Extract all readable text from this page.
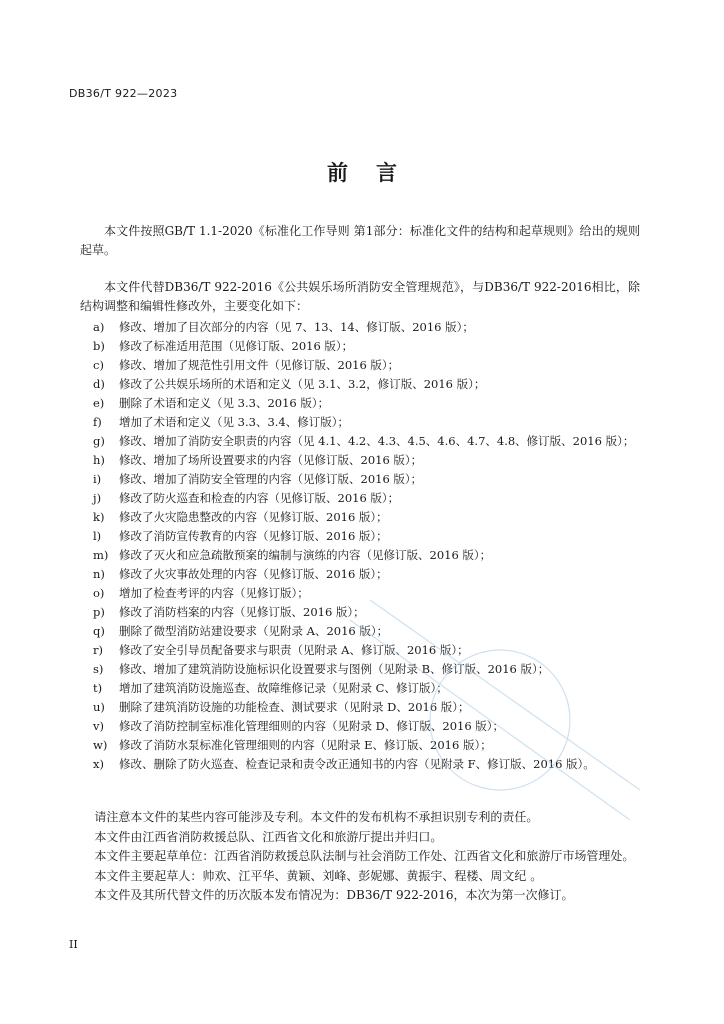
DB36/T 922—2023
前言
本文件按照GB/T 1.1-2020《标准化工作导则 第1部分：标准化文件的结构和起草规则》给出的规则起草。
本文件代替DB36/T 922-2016《公共娱乐场所消防安全管理规范》，与DB36/T 922-2016相比，除结构调整和编辑性修改外，主要变化如下：
a)	修改、增加了目次部分的内容（见 7、13、14、修订版、2016 版）；
b)	修改了标准适用范围（见修订版、2016 版）；
c)	修改、增加了规范性引用文件（见修订版、2016 版）；
d)	修改了公共娱乐场所的术语和定义（见 3.1、3.2，修订版、2016 版）；
e)	删除了术语和定义（见 3.3、2016 版）；
f)	增加了术语和定义（见 3.3、3.4、修订版）；
g)	修改、增加了消防安全职责的内容（见 4.1、4.2、4.3、4.5、4.6、4.7、4.8、修订版、2016 版）；
h)	修改、增加了场所设置要求的内容（见修订版、2016 版）；
i)	修改、增加了消防安全管理的内容（见修订版、2016 版）；
j)	修改了防火巡查和检查的内容（见修订版、2016 版）；
k)	修改了火灾隐患整改的内容（见修订版、2016 版）；
l)	修改了消防宣传教育的内容（见修订版、2016 版）；
m) 修改了灭火和应急疏散预案的编制与演练的内容（见修订版、2016 版）；
n)	修改了火灾事故处理的内容（见修订版、2016 版）；
o)	增加了检查考评的内容（见修订版）；
p)	修改了消防档案的内容（见修订版、2016 版）；
q)	删除了微型消防站建设要求（见附录 A、2016 版）；
r)	修改了安全引导员配备要求与职责（见附录 A、修订版、2016 版）；
s)	修改、增加了建筑消防设施标识化设置要求与图例（见附录 B、修订版、2016 版）；
t)	增加了建筑消防设施巡查、故障维修记录（见附录 C、修订版）；
u)	删除了建筑消防设施的功能检查、测试要求（见附录 D、2016 版）；
v)	修改了消防控制室标准化管理细则的内容（见附录 D、修订版、2016 版）；
w)	修改了消防水泵标准化管理细则的内容（见附录 E、修订版、2016 版）；
x)	修改、删除了防火巡查、检查记录和责令改正通知书的内容（见附录 F、修订版、2016 版）。

请注意本文件的某些内容可能涉及专利。本文件的发布机构不承担识别专利的责任。

本文件由江西省消防救援总队、江西省文化和旅游厅提出并归口。

本文件主要起草单位：江西省消防救援总队法制与社会消防工作处、江西省文化和旅游厅市场管理处。

本文件主要起草人：帅欢、江平华、黄颖、刘峰、彭妮娜、黄振宇、程楼、周文纪 。

本文件及其所代替文件的历次版本发布情况为：DB36/T 922-2016，本次为第一次修订。

II
